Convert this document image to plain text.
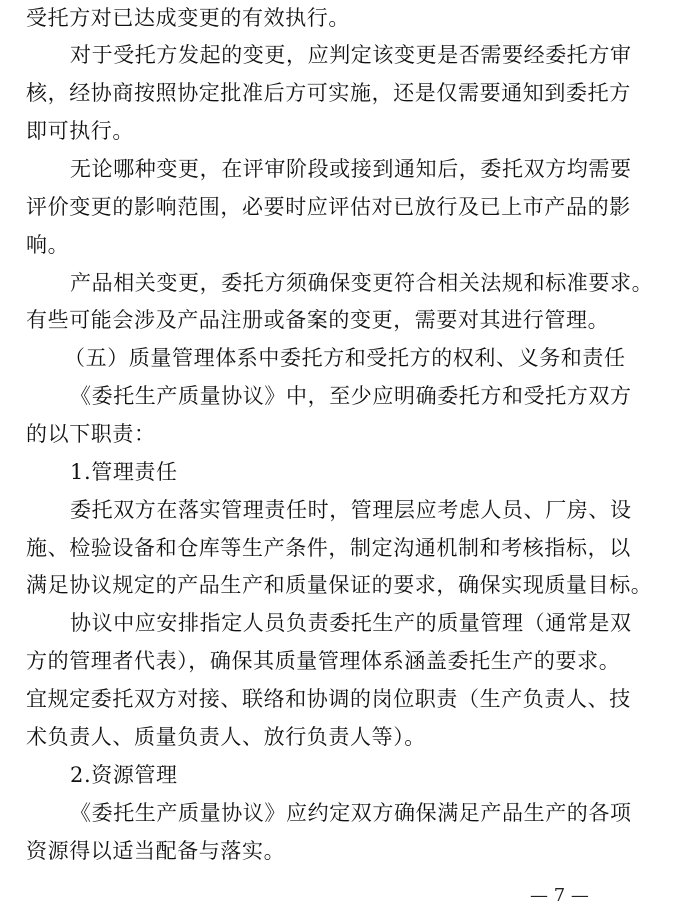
受托方对已达成变更的有效执行。
对于受托方发起的变更，应判定该变更是否需要经委托方审
核，经协商按照协定批准后方可实施，还是仅需要通知到委托方
即可执行。
无论哪种变更，在评审阶段或接到通知后，委托双方均需要
评价变更的影响范围，必要时应评估对已放行及已上市产品的影
响。
产品相关变更，委托方须确保变更符合相关法规和标准要求。
有些可能会涉及产品注册或备案的变更，需要对其进行管理。
（五）质量管理体系中委托方和受托方的权利、义务和责任
《委托生产质量协议》中，至少应明确委托方和受托方双方
的以下职责：
1.管理责任
委托双方在落实管理责任时，管理层应考虑人员、厂房、设
施、检验设备和仓库等生产条件，制定沟通机制和考核指标，以
满足协议规定的产品生产和质量保证的要求，确保实现质量目标。
协议中应安排指定人员负责委托生产的质量管理（通常是双
方的管理者代表），确保其质量管理体系涵盖委托生产的要求。
宜规定委托双方对接、联络和协调的岗位职责（生产负责人、技
术负责人、质量负责人、放行负责人等）。
2.资源管理
《委托生产质量协议》应约定双方确保满足产品生产的各项
资源得以适当配备与落实。
— 7 —
